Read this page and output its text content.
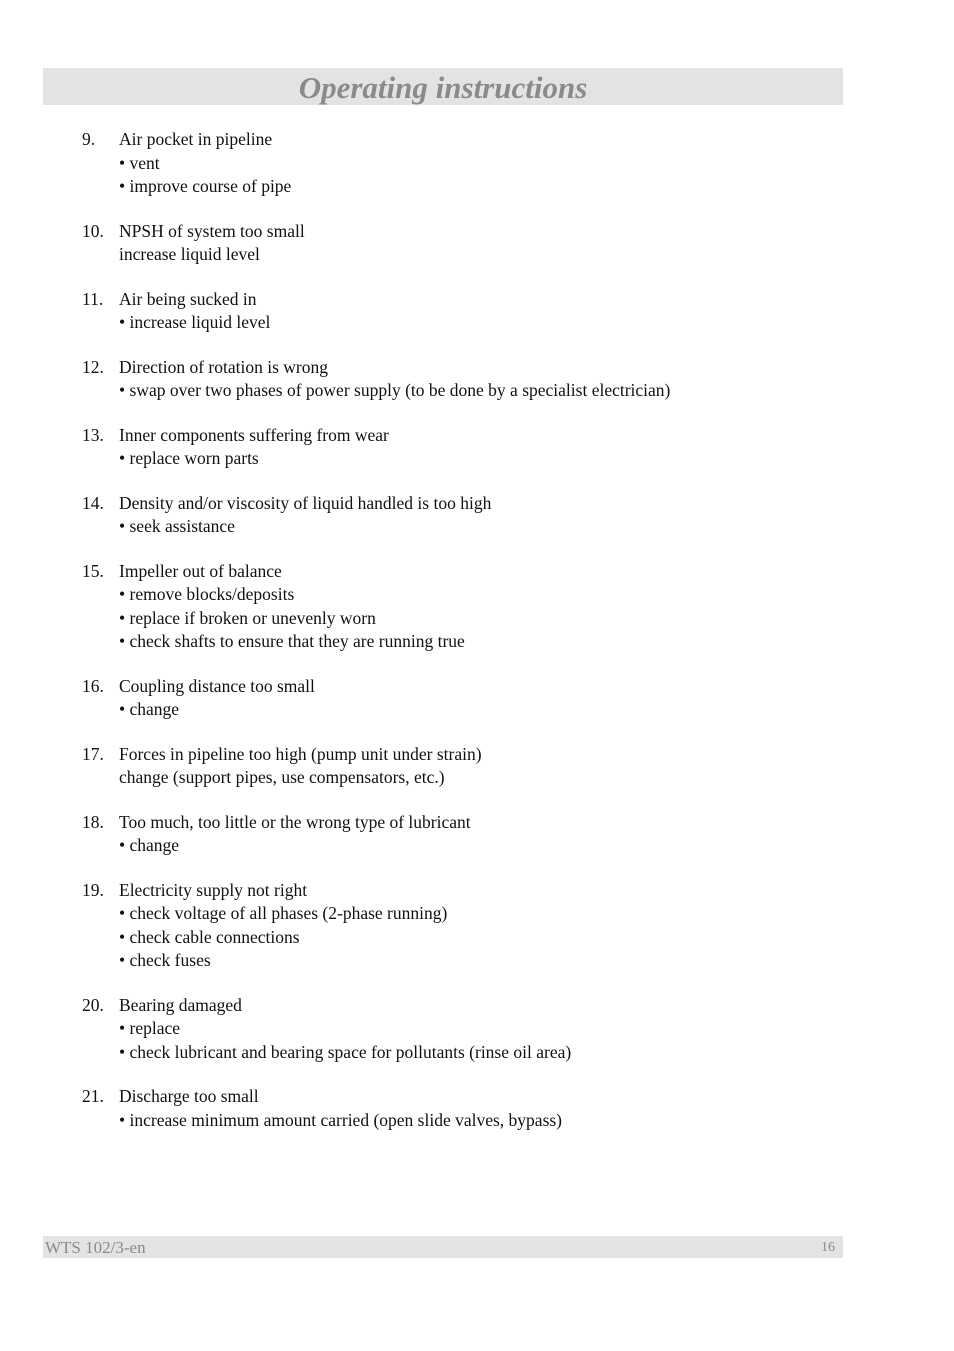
Operating instructions
9.	Air pocket in pipeline
• vent
• improve course of pipe
10. NPSH of system too small
increase liquid level
11. Air being sucked in
• increase liquid level
12. Direction of rotation is wrong
• swap over two phases of power supply (to be done by a specialist electrician)
13. Inner components suffering from wear
• replace worn parts
14. Density and/or viscosity of liquid handled is too high
• seek assistance
15. Impeller out of balance
• remove blocks/deposits
• replace if broken or unevenly worn
• check shafts to ensure that they are running true
16. Coupling distance too small
• change
17. Forces in pipeline too high (pump unit under strain)
change (support pipes, use compensators, etc.)
18. Too much, too little or the wrong type of lubricant
• change
19. Electricity supply not right
• check voltage of all phases (2-phase running)
• check cable connections
• check fuses
20. Bearing damaged
• replace
• check lubricant and bearing space for pollutants (rinse oil area)
21. Discharge too small
• increase minimum amount carried (open slide valves, bypass)
WTS 102/3-en	16
